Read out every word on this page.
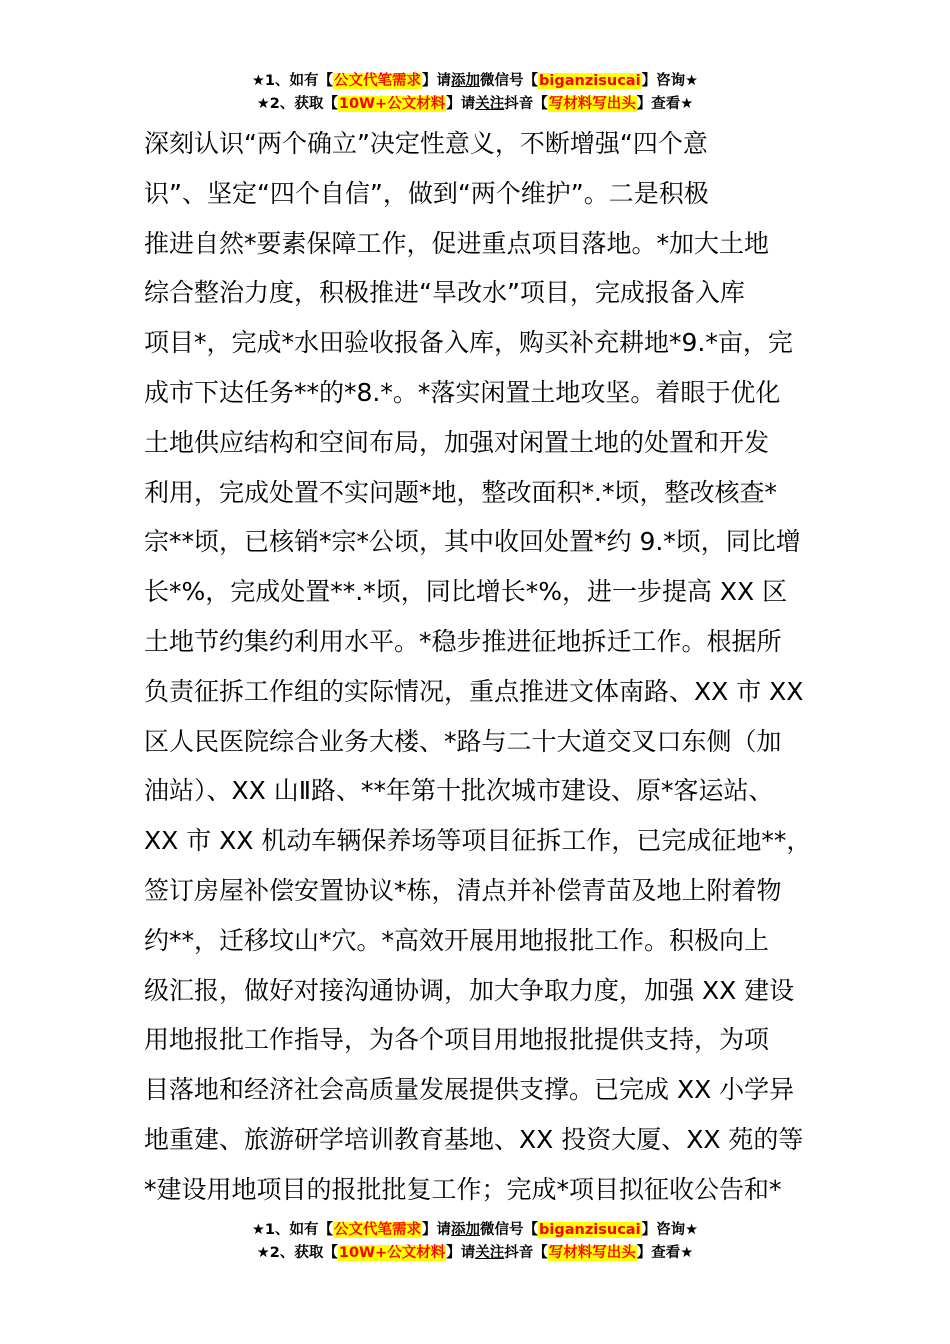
★1、如有【公文代笔需求】请添加微信号【biganzisucai】咨询★
★2、获取【10W+公文材料】请关注抖音【写材料写出头】查看★
深刻认识“两个确立”决定性意义，不断增强“四个意
识”、坚定“四个自信”，做到“两个维护”。二是积极
推进自然*要素保障工作，促进重点项目落地。*加大土地
综合整治力度，积极推进“旱改水”项目，完成报备入库
项目*，完成*水田验收报备入库，购买补充耕地*9.*亩，完
成市下达任务**的*8.*。*落实闲置土地攻坚。着眼于优化
土地供应结构和空间布局，加强对闲置土地的处置和开发
利用，完成处置不实问题*地，整改面积*.*顷，整改核查*
宗**顷，已核销*宗*公顷，其中收回处置*约 9.*顷，同比增
长*%，完成处置**.*顷，同比增长*%，进一步提高 XX 区
土地节约集约利用水平。*稳步推进征地拆迁工作。根据所
负责征拆工作组的实际情况，重点推进文体南路、XX 市 XX
区人民医院综合业务大楼、*路与二十大道交叉口东侧（加
油站）、XX 山Ⅱ路、**年第十批次城市建设、原*客运站、
XX 市 XX 机动车辆保养场等项目征拆工作，已完成征地**，
签订房屋补偿安置协议*栋，清点并补偿青苗及地上附着物
约**，迁移坟山*穴。*高效开展用地报批工作。积极向上
级汇报，做好对接沟通协调，加大争取力度，加强 XX 建设
用地报批工作指导，为各个项目用地报批提供支持，为项
目落地和经济社会高质量发展提供支撑。已完成 XX 小学异
地重建、旅游研学培训教育基地、XX 投资大厦、XX 苑的等
*建设用地项目的报批批复工作；完成*项目拟征收公告和*
★1、如有【公文代笔需求】请添加微信号【biganzisucai】咨询★
★2、获取【10W+公文材料】请关注抖音【写材料写出头】查看★
